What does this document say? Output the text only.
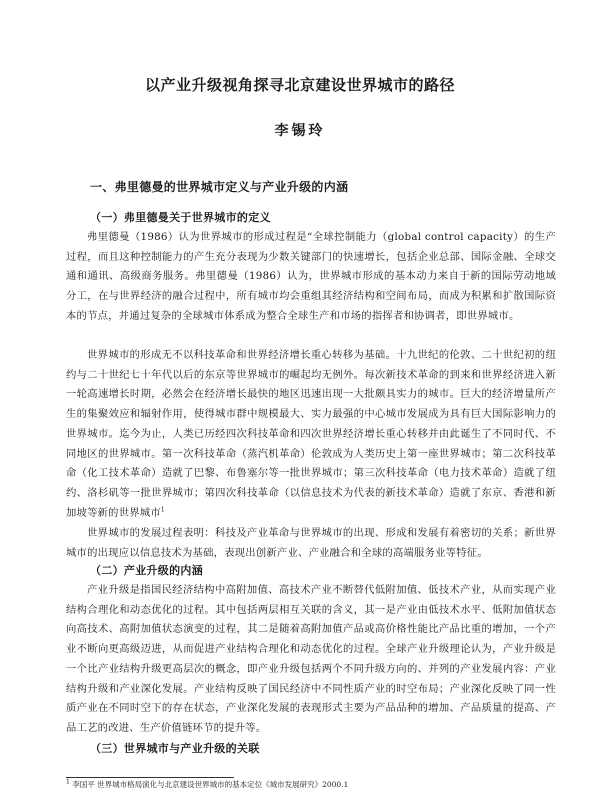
以产业升级视角探寻北京建设世界城市的路径
李锡玲
一、弗里德曼的世界城市定义与产业升级的内涵
（一）弗里德曼关于世界城市的定义
弗里德曼（1986）认为世界城市的形成过程是“全球控制能力（global control capacity）的生产过程，而且这种控制能力的产生充分表现为少数关键部门的快速增长，包括企业总部、国际金融、全球交通和通讯、高级商务服务。弗里德曼（1986）认为，世界城市形成的基本动力来自于新的国际劳动地域分工，在与世界经济的融合过程中，所有城市均会重组其经济结构和空间布局，而成为积累和扩散国际资本的节点，并通过复杂的全球城市体系成为整合全球生产和市场的指挥者和协调者，即世界城市。
世界城市的形成无不以科技革命和世界经济增长重心转移为基础。十九世纪的伦敦、二十世纪初的纽约与二十世纪七十年代以后的东京等世界城市的崛起均无例外。每次新技术革命的到来和世界经济进入新一轮高速增长时期，必然会在经济增长最快的地区迅速出现一大批颇具实力的城市。巨大的经济增量所产生的集聚效应和辐射作用，使得城市群中规模最大、实力最强的中心城市发展成为具有巨大国际影响力的世界城市。迄今为止，人类已历经四次科技革命和四次世界经济增长重心转移并由此诞生了不同时代、不同地区的世界城市。第一次科技革命（蒸汽机革命）伦敦成为人类历史上第一座世界城市；第二次科技革命（化工技术革命）造就了巴黎、布鲁塞尔等一批世界城市；第三次科技革命（电力技术革命）造就了纽约、洛杉矶等一批世界城市；第四次科技革命（以信息技术为代表的新技术革命）造就了东京、香港和新加坡等新的世界城市$^1$
世界城市的发展过程表明：科技及产业革命与世界城市的出现、形成和发展有着密切的关系；新世界城市的出现应以信息技术为基础，表现出创新产业、产业融合和全球的高端服务业等特征。
（二）产业升级的内涵
产业升级是指国民经济结构中高附加值、高技术产业不断替代低附加值、低技术产业，从而实现产业结构合理化和动态优化的过程。其中包括两层相互关联的含义，其一是产业由低技术水平、低附加值状态向高技术、高附加值状态演变的过程，其二是随着高附加值产品或高价格性能比产品比重的增加，一个产业不断向更高级迈进，从而促进产业结构合理化和动态优化的过程。全球产业升级理论认为，产业升级是一个比产业结构升级更高层次的概念，即产业升级包括两个不同升级方向的、并列的产业发展内容：产业结构升级和产业深化发展。产业结构反映了国民经济中不同性质产业的时空布局；产业深化反映了同一性质产业在不同时空下的存在状态，产业深化发展的表现形式主要为产品品种的增加、产品质量的提高、产品工艺的改进、生产价值链环节的提升等。
（三）世界城市与产业升级的关联
$^1$ 李国平 世界城市格局演化与北京建设世界城市的基本定位《城市发展研究》2000.1
